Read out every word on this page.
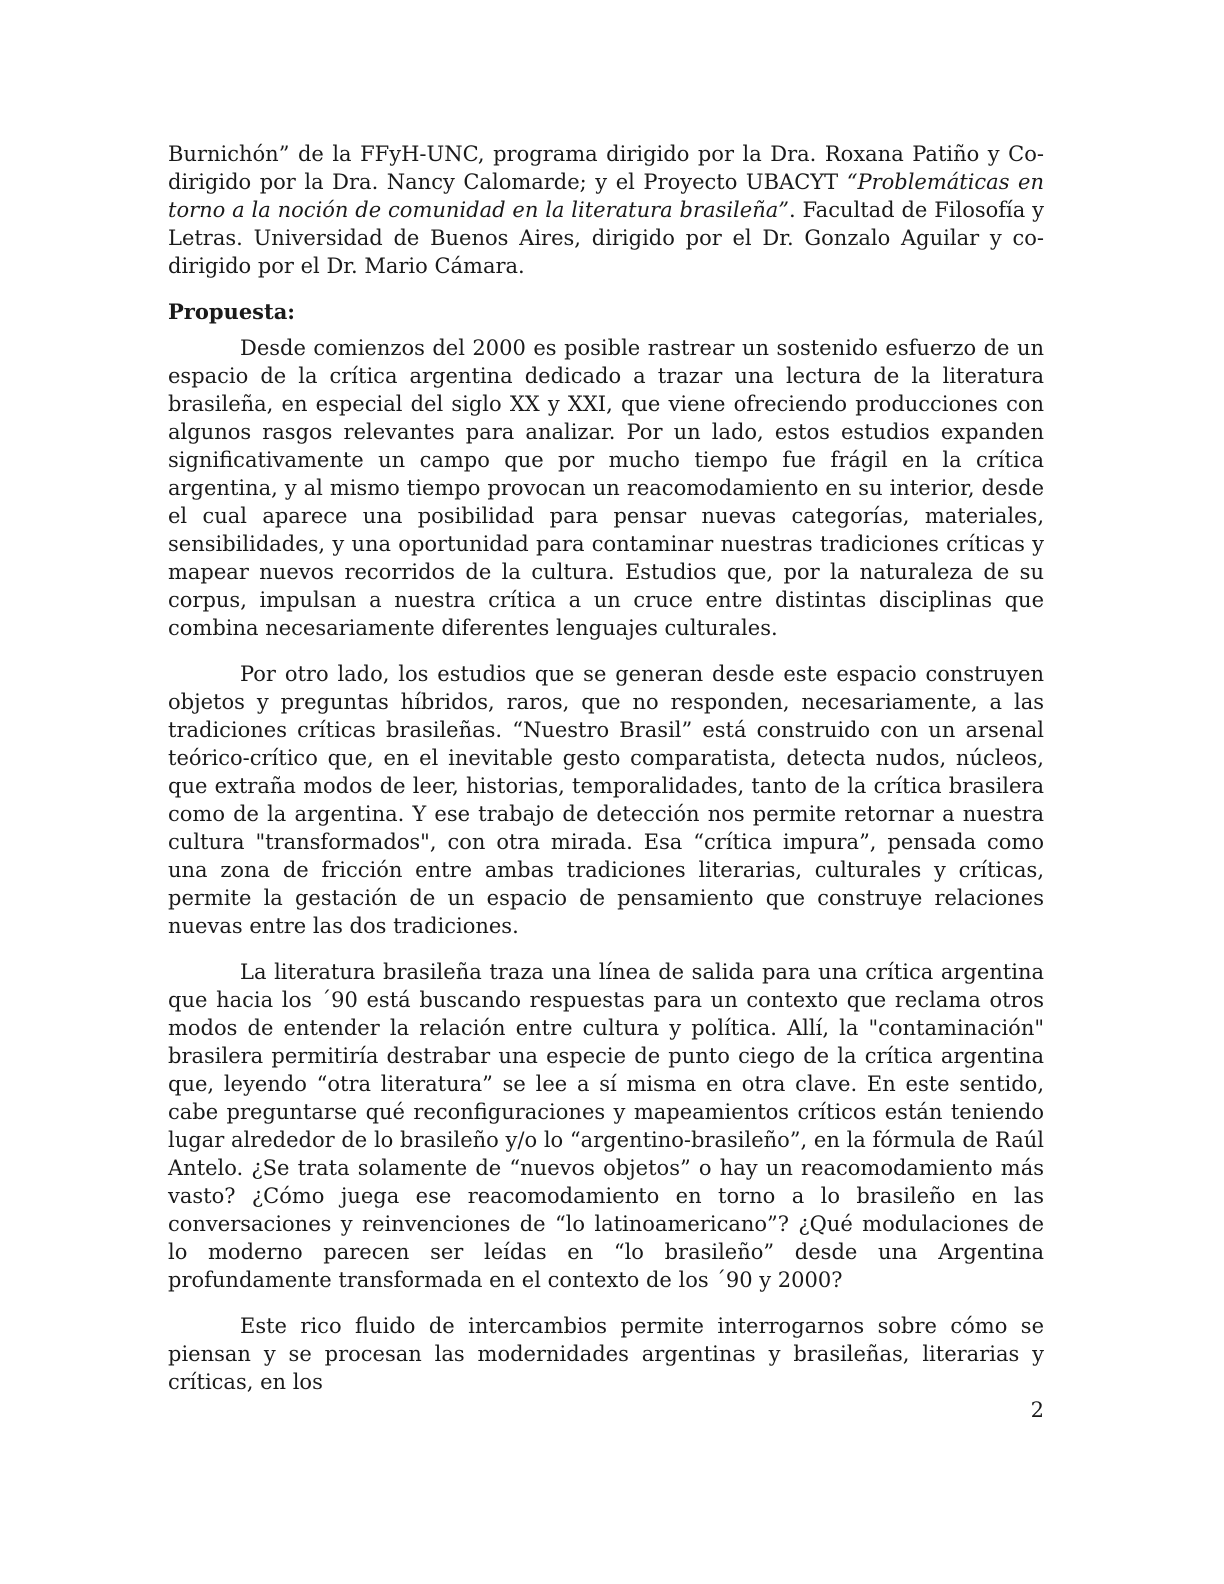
Burnichón” de la FFyH-UNC, programa dirigido por la Dra. Roxana Patiño y Co-dirigido por la Dra. Nancy Calomarde; y el Proyecto UBACYT “Problemáticas en torno a la noción de comunidad en la literatura brasileña”. Facultad de Filosofía y Letras. Universidad de Buenos Aires, dirigido por el Dr. Gonzalo Aguilar y co-dirigido por el Dr. Mario Cámara.

Propuesta:

Desde comienzos del 2000 es posible rastrear un sostenido esfuerzo de un espacio de la crítica argentina dedicado a trazar una lectura de la literatura brasileña, en especial del siglo XX y XXI, que viene ofreciendo producciones con algunos rasgos relevantes para analizar. Por un lado, estos estudios expanden significativamente un campo que por mucho tiempo fue frágil en la crítica argentina, y al mismo tiempo provocan un reacomodamiento en su interior, desde el cual aparece una posibilidad para pensar nuevas categorías, materiales, sensibilidades, y una oportunidad para contaminar nuestras tradiciones críticas y mapear nuevos recorridos de la cultura. Estudios que, por la naturaleza de su corpus, impulsan a nuestra crítica a un cruce entre distintas disciplinas que combina necesariamente diferentes lenguajes culturales.

Por otro lado, los estudios que se generan desde este espacio construyen objetos y preguntas híbridos, raros, que no responden, necesariamente, a las tradiciones críticas brasileñas. “Nuestro Brasil” está construido con un arsenal teórico-crítico que, en el inevitable gesto comparatista, detecta nudos, núcleos, que extraña modos de leer, historias, temporalidades, tanto de la crítica brasilera como de la argentina. Y ese trabajo de detección nos permite retornar a nuestra cultura "transformados", con otra mirada. Esa “crítica impura”, pensada como una zona de fricción entre ambas tradiciones literarias, culturales y críticas, permite la gestación de un espacio de pensamiento que construye relaciones nuevas entre las dos tradiciones.

La literatura brasileña traza una línea de salida para una crítica argentina que hacia los ´90 está buscando respuestas para un contexto que reclama otros modos de entender la relación entre cultura y política. Allí, la "contaminación" brasilera permitiría destrabar una especie de punto ciego de la crítica argentina que, leyendo “otra literatura” se lee a sí misma en otra clave. En este sentido, cabe preguntarse qué reconfiguraciones y mapeamientos críticos están teniendo lugar alrededor de lo brasileño y/o lo “argentino-brasileño”, en la fórmula de Raúl Antelo. ¿Se trata solamente de “nuevos objetos” o hay un reacomodamiento más vasto? ¿Cómo juega ese reacomodamiento en torno a lo brasileño en las conversaciones y reinvenciones de “lo latinoamericano”? ¿Qué modulaciones de lo moderno parecen ser leídas en “lo brasileño” desde una Argentina profundamente transformada en el contexto de los ´90 y 2000?

Este rico fluido de intercambios permite interrogarnos sobre cómo se piensan y se procesan las modernidades argentinas y brasileñas, literarias y críticas, en los

2
